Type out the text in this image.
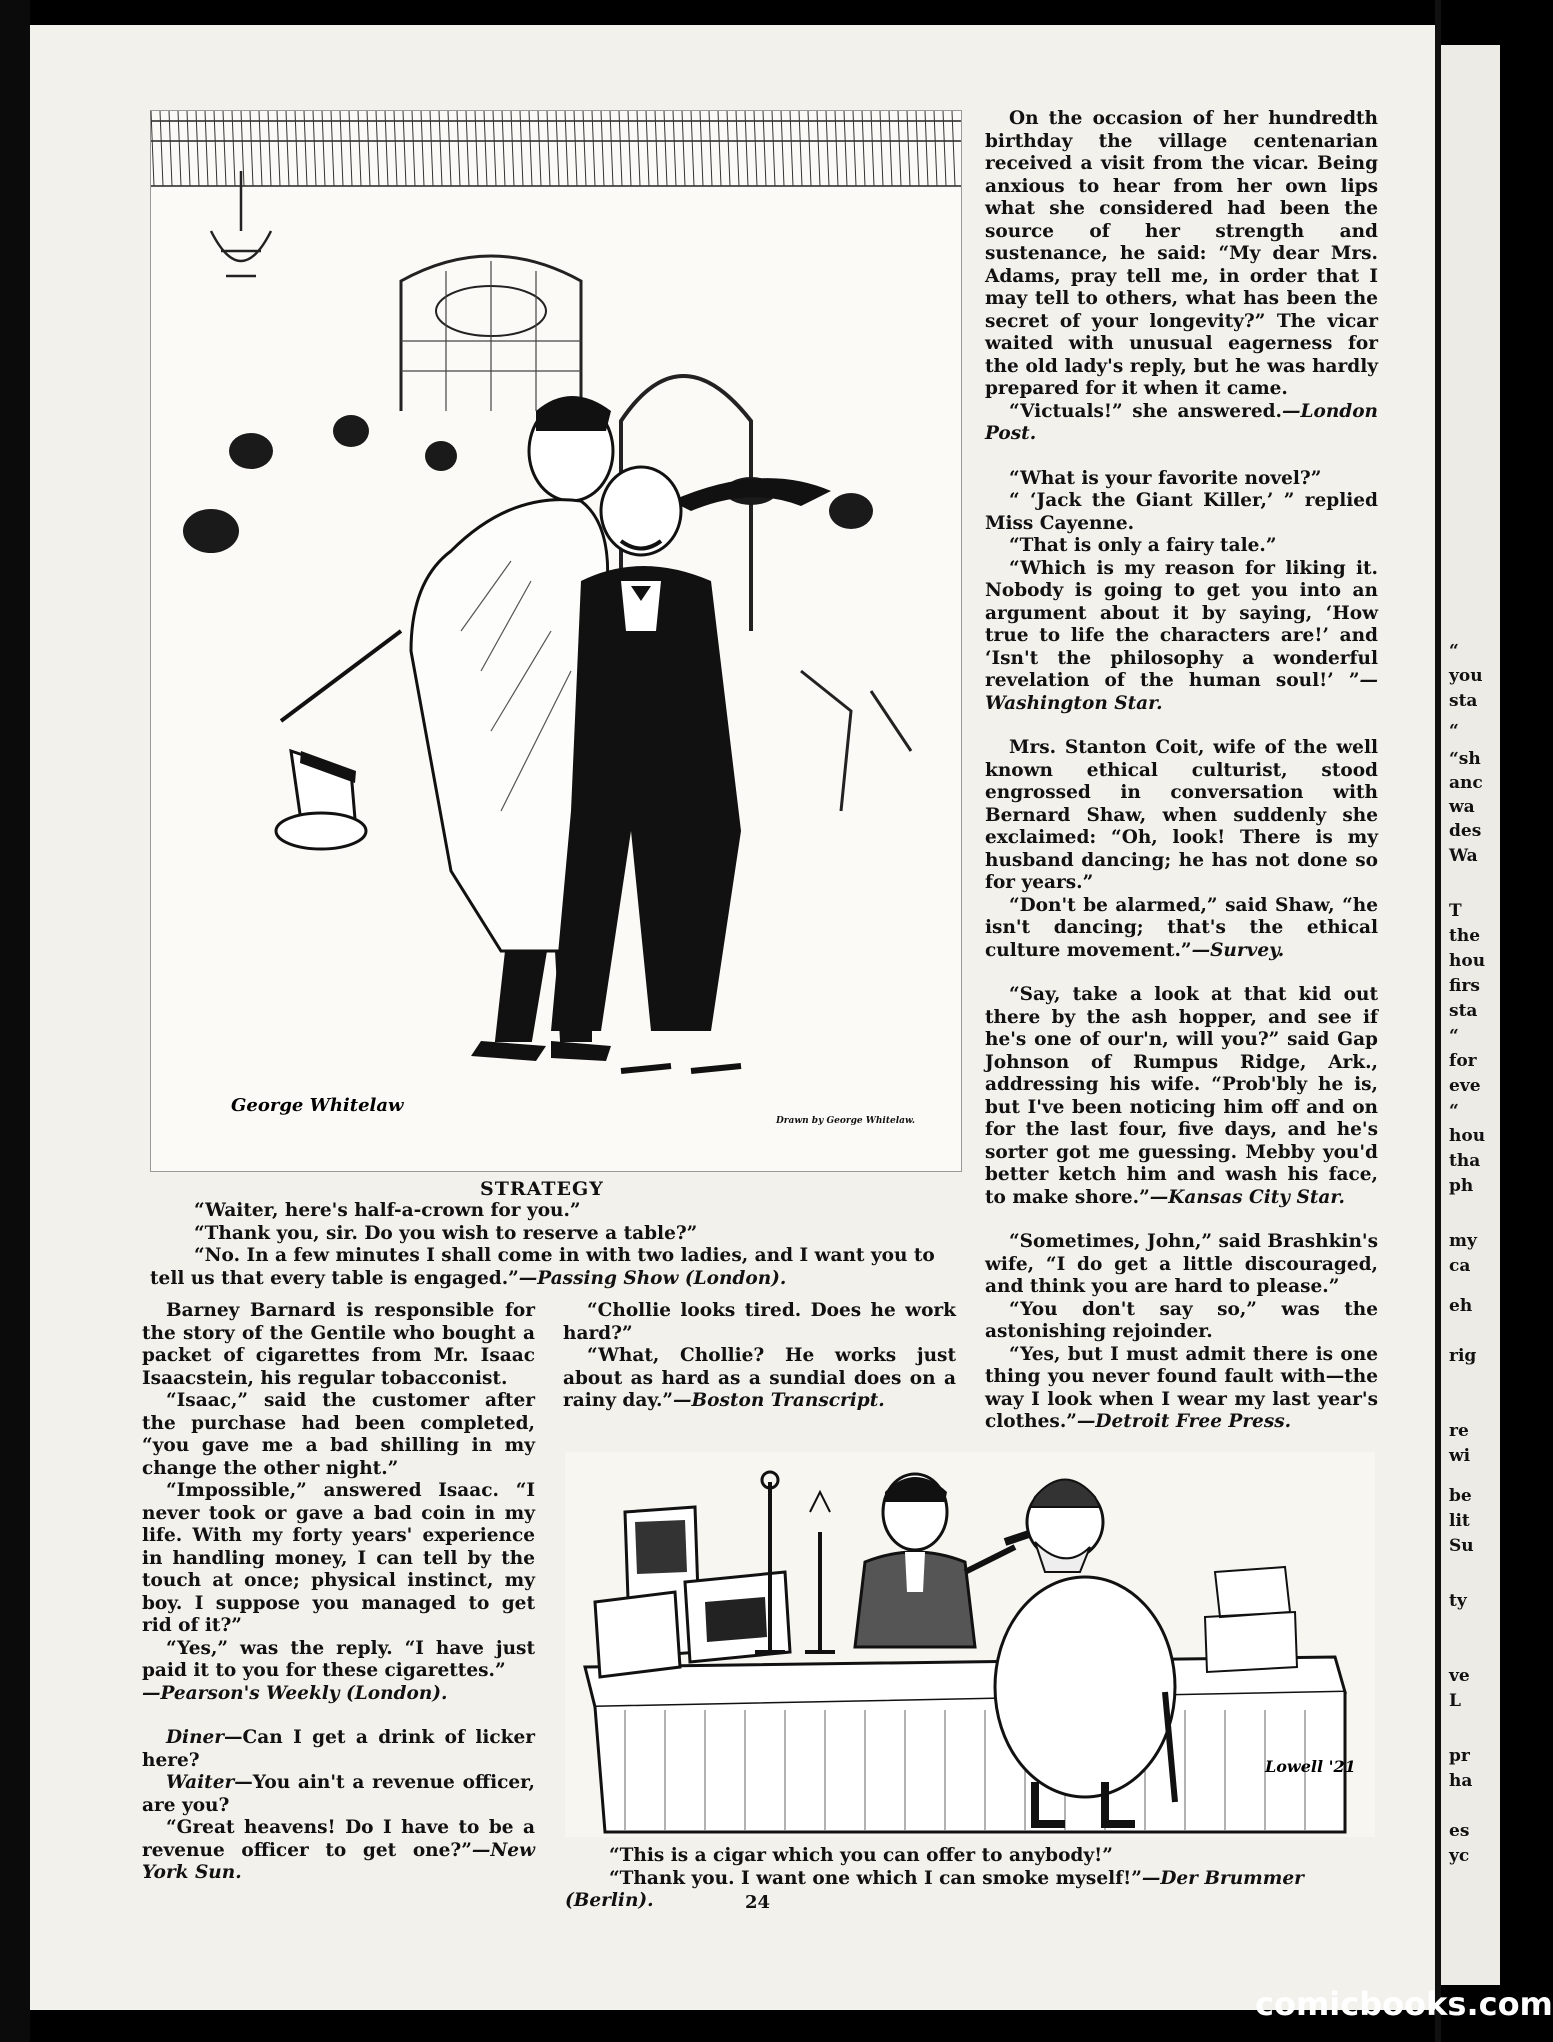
“
you
sta
“
“sh
anc
wa
des
Wa
T
the
hou
firs
sta
“
for
eve
“
hou
tha
ph
my
ca
eh
rig
re
wi
be
lit
Su
ty
ve
L
pr
ha
es
yc
George Whitelaw
Drawn by George Whitelaw.
STRATEGY

“Waiter, here's half-a-crown for you.”

“Thank you, sir. Do you wish to reserve a table?”

“No. In a few minutes I shall come in with two ladies, and I want you to tell us that every table is engaged.”—Passing Show (London).

On the occasion of her hundredth birthday the village centenarian received a visit from the vicar. Being anxious to hear from her own lips what she considered had been the source of her strength and sustenance, he said: “My dear Mrs. Adams, pray tell me, in order that I may tell to others, what has been the secret of your longevity?” The vicar waited with unusual eagerness for the old lady's reply, but he was hardly prepared for it when it came.

“Victuals!” she answered.—London Post.

“What is your favorite novel?”

“ ‘Jack the Giant Killer,’ ” replied Miss Cayenne.

“That is only a fairy tale.”

“Which is my reason for liking it. Nobody is going to get you into an argument about it by saying, ‘How true to life the characters are!’ and ‘Isn't the philosophy a wonderful revelation of the human soul!’ ”—Washington Star.

Mrs. Stanton Coit, wife of the well known ethical culturist, stood engrossed in conversation with Bernard Shaw, when suddenly she exclaimed: “Oh, look! There is my husband dancing; he has not done so for years.”

“Don't be alarmed,” said Shaw, “he isn't dancing; that's the ethical culture movement.”—Survey.

“Say, take a look at that kid out there by the ash hopper, and see if he's one of our'n, will you?” said Gap Johnson of Rumpus Ridge, Ark., addressing his wife. “Prob'bly he is, but I've been noticing him off and on for the last four, five days, and he's sorter got me guessing. Mebby you'd better ketch him and wash his face, to make shore.”—Kansas City Star.

“Sometimes, John,” said Brashkin's wife, “I do get a little discouraged, and think you are hard to please.”

“You don't say so,” was the astonishing rejoinder.

“Yes, but I must admit there is one thing you never found fault with—the way I look when I wear my last year's clothes.”—Detroit Free Press.

Barney Barnard is responsible for the story of the Gentile who bought a packet of cigarettes from Mr. Isaac Isaacstein, his regular tobacconist.

“Isaac,” said the customer after the purchase had been completed, “you gave me a bad shilling in my change the other night.”

“Impossible,” answered Isaac. “I never took or gave a bad coin in my life. With my forty years' experience in handling money, I can tell by the touch at once; physical instinct, my boy. I suppose you managed to get rid of it?”

“Yes,” was the reply. “I have just paid it to you for these cigarettes.”

—Pearson's Weekly (London).

Diner—Can I get a drink of licker here?

Waiter—You ain't a revenue officer, are you?

“Great heavens! Do I have to be a revenue officer to get one?”—New York Sun.

“Chollie looks tired. Does he work hard?”

“What, Chollie? He works just about as hard as a sundial does on a rainy day.”—Boston Transcript.

Lowell '21

“This is a cigar which you can offer to anybody!”

“Thank you. I want one which I can smoke myself!”—Der Brummer (Berlin).	24
comicbooks.com
